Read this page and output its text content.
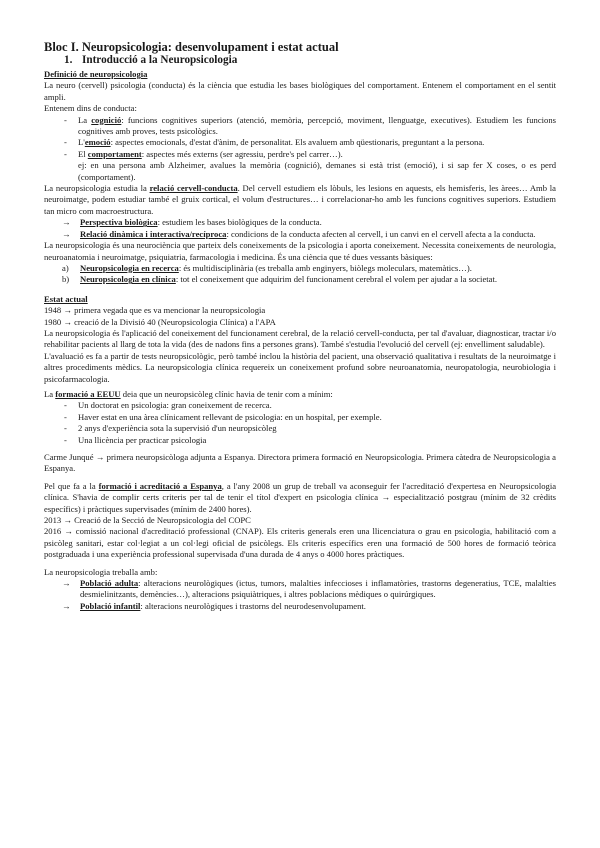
Bloc I. Neuropsicologia: desenvolupament i estat actual
1. Introducció a la Neuropsicologia
Definició de neuropsicologia

La neuro (cervell) psicologia (conducta) és la ciència que estudia les bases biològiques del comportament. Entenem el comportament en el sentit ampli.

Entenem dins de conducta:

- La cognició: funcions cognitives superiors (atenció, memòria, percepció, moviment, llenguatge, executives). Estudiem les funcions cognitives amb proves, tests psicològics.
- L'emoció: aspectes emocionals, d'estat d'ànim, de personalitat. Els avaluem amb qüestionaris, preguntant a la persona.
- El comportament: aspectes més externs (ser agressiu, perdre's pel carrer…).
ej: en una persona amb Alzheimer, avalues la memòria (cognició), demanes si està trist (emoció), i si sap fer X coses, o es perd (comportament).

La neuropsicologia estudia la relació cervell-conducta. Del cervell estudiem els lòbuls, les lesions en aquests, els hemisferis, les àrees… Amb la neuroimatge, podem estudiar també el gruix cortical, el volum d'estructures… i correlacionar-ho amb les funcions cognitives superiors. Estudiem tan micro com macroestructura.

→ Perspectiva biològica: estudiem les bases biològiques de la conducta.
→ Relació dinàmica i interactiva/recíproca: condicions de la conducta afecten al cervell, i un canvi en el cervell afecta a la conducta.

La neuropsicologia és una neurociència que parteix dels coneixements de la psicologia i aporta coneixement. Necessita coneixements de neurologia, neuroanatomia i neuroimatge, psiquiatria, farmacologia i medicina. És una ciència que té dues vessants bàsiques:

a) Neuropsicologia en recerca: és multidisciplinària (es treballa amb enginyers, biòlegs moleculars, matemàtics…).
b) Neuropsicologia en clínica: tot el coneixement que adquirim del funcionament cerebral el volem per ajudar a la societat.
Estat actual

1948 → primera vegada que es va mencionar la neuropsicologia

1980 → creació de la Divisió 40 (Neuropsicologia Clínica) a l'APA

La neuropsicologia és l'aplicació del coneixement del funcionament cerebral, de la relació cervell-conducta, per tal d'avaluar, diagnosticar, tractar i/o rehabilitar pacients al llarg de tota la vida (des de nadons fins a persones grans). També s'estudia l'evolució del cervell (ej: envelliment saludable).

L'avaluació es fa a partir de tests neuropsicològic, però també inclou la història del pacient, una observació qualitativa i resultats de la neuroimatge i altres procediments mèdics. La neuropsicologia clínica requereix un coneixement profund sobre neuroanatomia, neuropatologia, neurobiologia i psicofarmacologia.

La formació a EEUU deia que un neuropsicòleg clínic havia de tenir com a mínim:

- Un doctorat en psicologia: gran coneixement de recerca.
- Haver estat en una àrea clínicament rellevant de psicologia: en un hospital, per exemple.
- 2 anys d'experiència sota la supervisió d'un neuropsicòleg
- Una llicència per practicar psicologia

Carme Junqué → primera neuropsicòloga adjunta a Espanya. Directora primera formació en Neuropsicologia. Primera càtedra de Neuropsicologia a Espanya.

Pel que fa a la formació i acreditació a Espanya, a l'any 2008 un grup de treball va aconseguir fer l'acreditació d'expertesa en Neuropsicologia clínica. S'havia de complir certs criteris per tal de tenir el títol d'expert en psicologia clínica → especialització postgrau (mínim de 32 crèdits específics) i pràctiques supervisades (mínim de 2400 hores).

2013 → Creació de la Secció de Neuropsicologia del COPC

2016 → comissió nacional d'acreditació professional (CNAP). Els criteris generals eren una llicenciatura o grau en psicologia, habilitació com a psicòleg sanitari, estar col·legiat a un col·legi oficial de psicòlegs. Els criteris específics eren una formació de 500 hores de formació teòrica postgraduada i una experiència professional supervisada d'una durada de 4 anys o 4000 hores pràctiques.

La neuropsicologia treballa amb:

→ Població adulta: alteracions neurològiques (ictus, tumors, malalties infeccioses i inflamatòries, trastorns degeneratius, TCE, malalties desmielinitzants, demències…), alteracions psiquiàtriques, i altres poblacions mèdiques o quirúrgiques.
→ Població infantil: alteracions neurològiques i trastorns del neurodesenvolupament.
